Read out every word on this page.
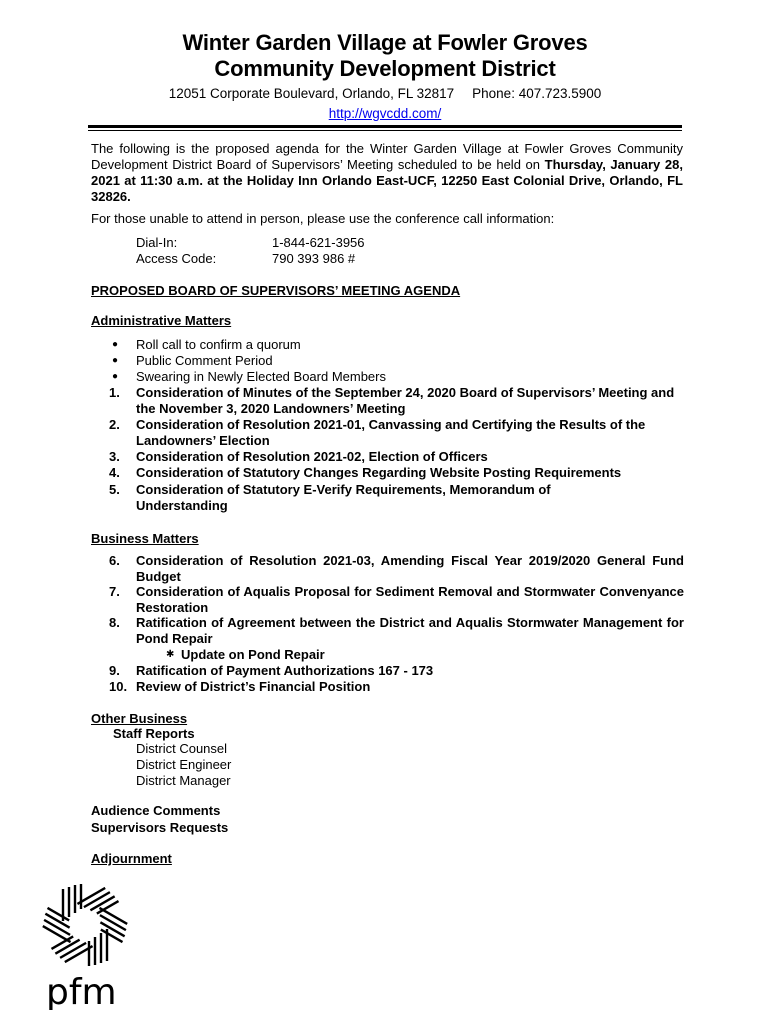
Winter Garden Village at Fowler Groves
Community Development District
12051 Corporate Boulevard, Orlando, FL 32817 Phone: 407.723.5900
http://wgvcdd.com/
The following is the proposed agenda for the Winter Garden Village at Fowler Groves Community Development District Board of Supervisors’ Meeting scheduled to be held on Thursday, January 28, 2021 at 11:30 a.m. at the Holiday Inn Orlando East-UCF, 12250 East Colonial Drive, Orlando, FL 32826.
For those unable to attend in person, please use the conference call information:
Dial-In:	1-844-621-3956
Access Code:	790 393 986 #
PROPOSED BOARD OF SUPERVISORS’ MEETING AGENDA
Administrative Matters
● Roll call to confirm a quorum
● Public Comment Period
● Swearing in Newly Elected Board Members
1. Consideration of Minutes of the September 24, 2020 Board of Supervisors’ Meeting and the November 3, 2020 Landowners’ Meeting
2. Consideration of Resolution 2021-01, Canvassing and Certifying the Results of the Landowners’ Election
3. Consideration of Resolution 2021-02, Election of Officers
4. Consideration of Statutory Changes Regarding Website Posting Requirements
5. Consideration of Statutory E-Verify Requirements, Memorandum of Understanding
Business Matters
6. Consideration of Resolution 2021-03, Amending Fiscal Year 2019/2020 General Fund Budget
7. Consideration of Aqualis Proposal for Sediment Removal and Stormwater Convenyance Restoration
8. Ratification of Agreement between the District and Aqualis Stormwater Management for Pond Repair
✱ Update on Pond Repair
9. Ratification of Payment Authorizations 167 - 173
10. Review of District’s Financial Position
Other Business
Staff Reports
District Counsel
District Engineer
District Manager
Audience Comments
Supervisors Requests
Adjournment
pfm
